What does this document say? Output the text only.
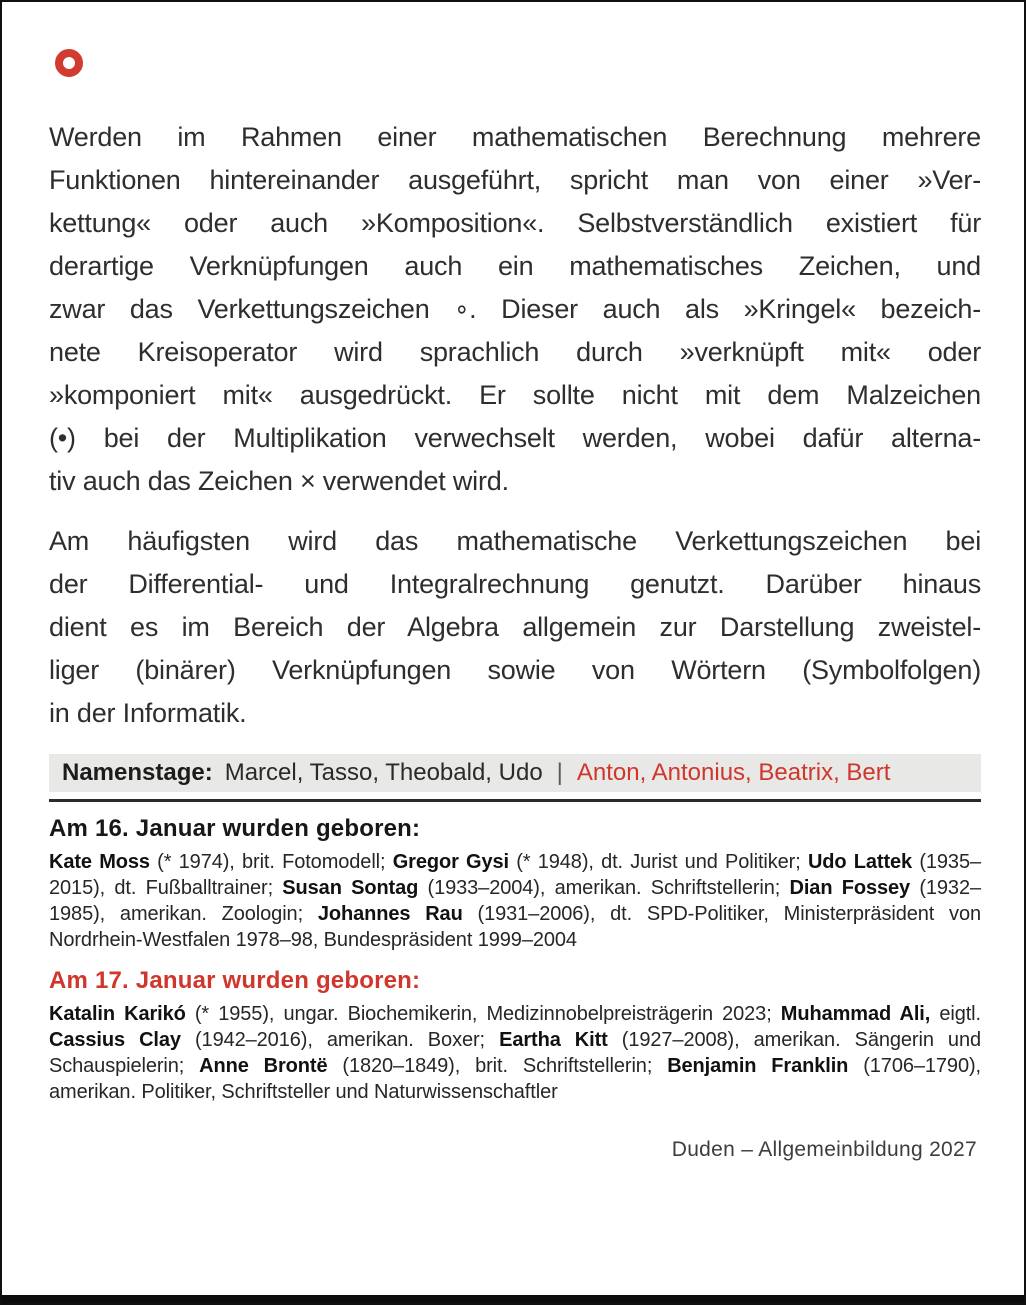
Werden im Rahmen einer mathematischen Berechnung mehrere
Funktionen hintereinander ausgeführt, spricht man von einer »Ver-
kettung« oder auch »Komposition«. Selbstverständlich existiert für
derartige Verknüpfungen auch ein mathematisches Zeichen, und
zwar das Verkettungszeichen ∘. Dieser auch als »Kringel« bezeich-
nete Kreisoperator wird sprachlich durch »verknüpft mit« oder
»komponiert mit« ausgedrückt. Er sollte nicht mit dem Malzeichen
(•) bei der Multiplikation verwechselt werden, wobei dafür alterna-
tiv auch das Zeichen × verwendet wird.
Am häufigsten wird das mathematische Verkettungszeichen bei
der Differential- und Integralrechnung genutzt. Darüber hinaus
dient es im Bereich der Algebra allgemein zur Darstellung zweistel-
liger (binärer) Verknüpfungen sowie von Wörtern (Symbolfolgen)
in der Informatik.
Namenstage: Marcel, Tasso, Theobald, Udo | Anton, Antonius, Beatrix, Bert
Am 16. Januar wurden geboren:
Kate Moss (* 1974), brit. Fotomodell; Gregor Gysi (* 1948), dt. Jurist und Politiker; Udo Lattek (1935–2015), dt. Fußballtrainer; Susan Sontag (1933–2004), amerikan. Schriftstellerin; Dian Fossey (1932–1985), amerikan. Zoologin; Johannes Rau (1931–2006), dt. SPD-Politiker, Ministerpräsident von Nordrhein-Westfalen 1978–98, Bundespräsident 1999–2004
Am 17. Januar wurden geboren:
Katalin Karikó (* 1955), ungar. Biochemikerin, Medizinnobelpreisträgerin 2023; Muhammad Ali, eigtl. Cassius Clay (1942–2016), amerikan. Boxer; Eartha Kitt (1927–2008), amerikan. Sängerin und Schauspielerin; Anne Brontë (1820–1849), brit. Schriftstellerin; Benjamin Franklin (1706–1790), amerikan. Politiker, Schriftsteller und Naturwissenschaftler
Duden – Allgemeinbildung 2027
